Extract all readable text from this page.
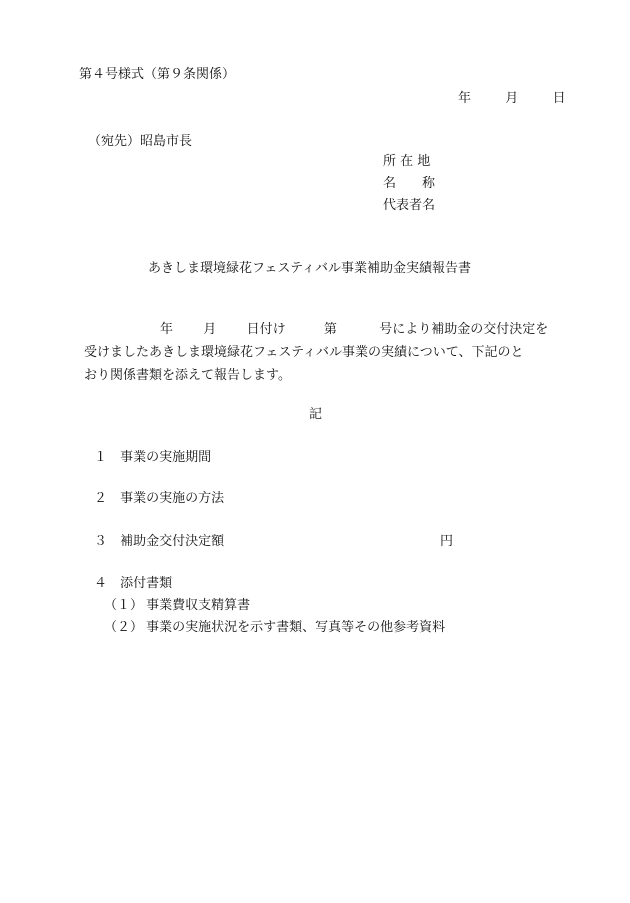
第４号様式（第９条関係）
年	月	日
（宛先）昭島市長
所 在 地
名　　称
代表者名
あきしま環境緑花フェスティバル事業補助金実績報告書
年 月 日付け	第	号により補助金の交付決定を
受けましたあきしま環境緑花フェスティバル事業の実績について、下記のと
おり関係書類を添えて報告します。
記
１ 事業の実施期間
２ 事業の実施の方法
３ 補助金交付決定額	円
４ 添付書類
（１） 事業費収支精算書
（２） 事業の実施状況を示す書類、写真等その他参考資料
